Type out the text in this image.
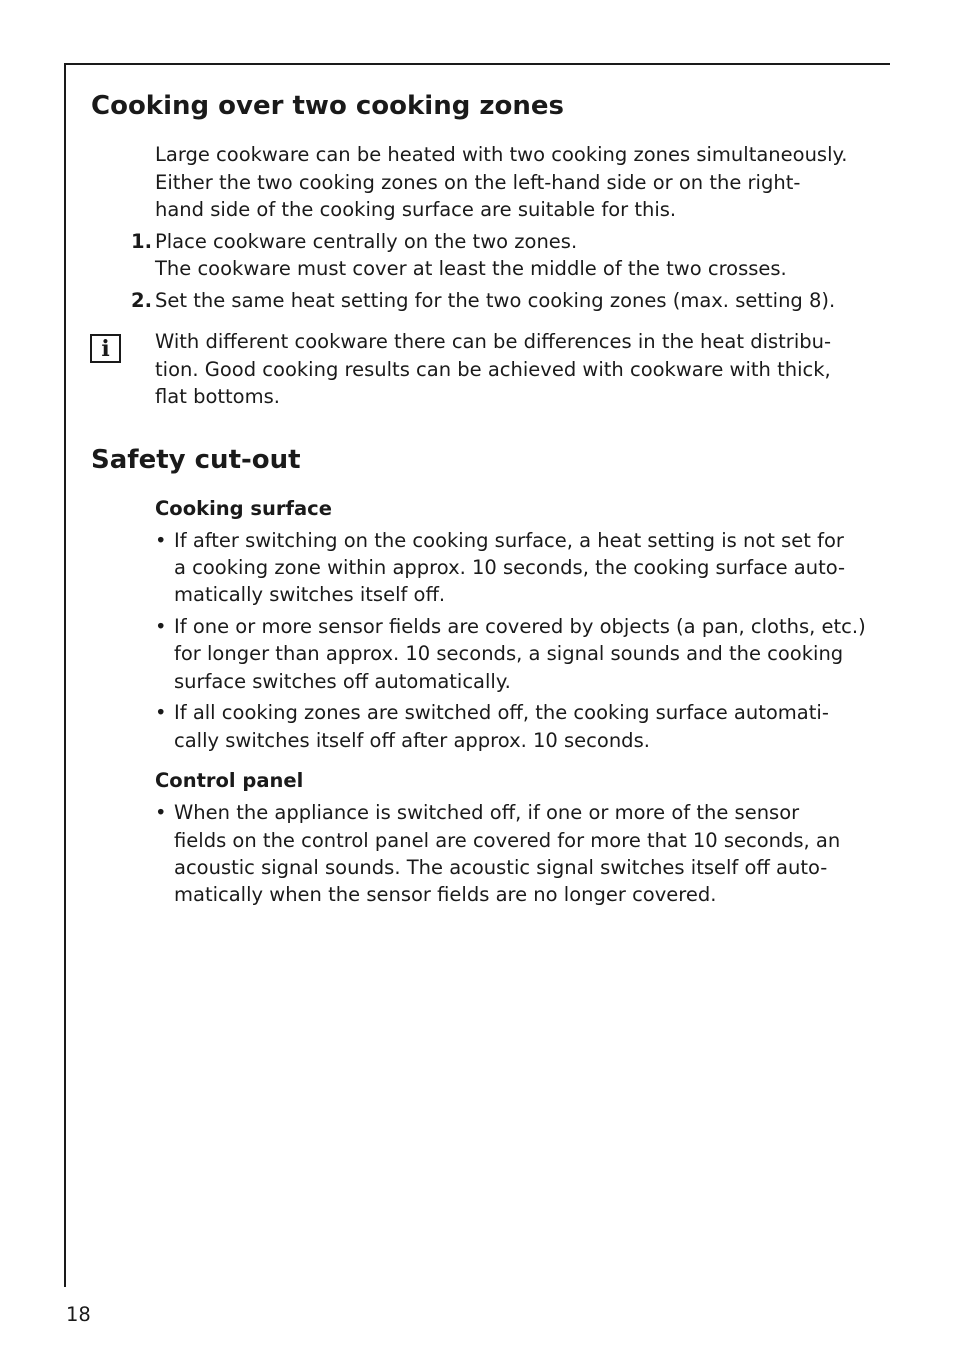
Cooking over two cooking zones
Large cookware can be heated with two cooking zones simultaneously.
Either the two cooking zones on the left-hand side or on the right-
hand side of the cooking surface are suitable for this.
1. Place cookware centrally on the two zones.
The cookware must cover at least the middle of the two crosses.
2. Set the same heat setting for the two cooking zones (max. setting 8).
i With different cookware there can be differences in the heat distribu-
tion. Good cooking results can be achieved with cookware with thick,
flat bottoms.
Safety cut-out
Cooking surface
• If after switching on the cooking surface, a heat setting is not set for
a cooking zone within approx. 10 seconds, the cooking surface auto-
matically switches itself off.
• If one or more sensor fields are covered by objects (a pan, cloths, etc.)
for longer than approx. 10 seconds, a signal sounds and the cooking
surface switches off automatically.
• If all cooking zones are switched off, the cooking surface automati-
cally switches itself off after approx. 10 seconds.
Control panel
• When the appliance is switched off, if one or more of the sensor
fields on the control panel are covered for more that 10 seconds, an
acoustic signal sounds. The acoustic signal switches itself off auto-
matically when the sensor fields are no longer covered.
18
